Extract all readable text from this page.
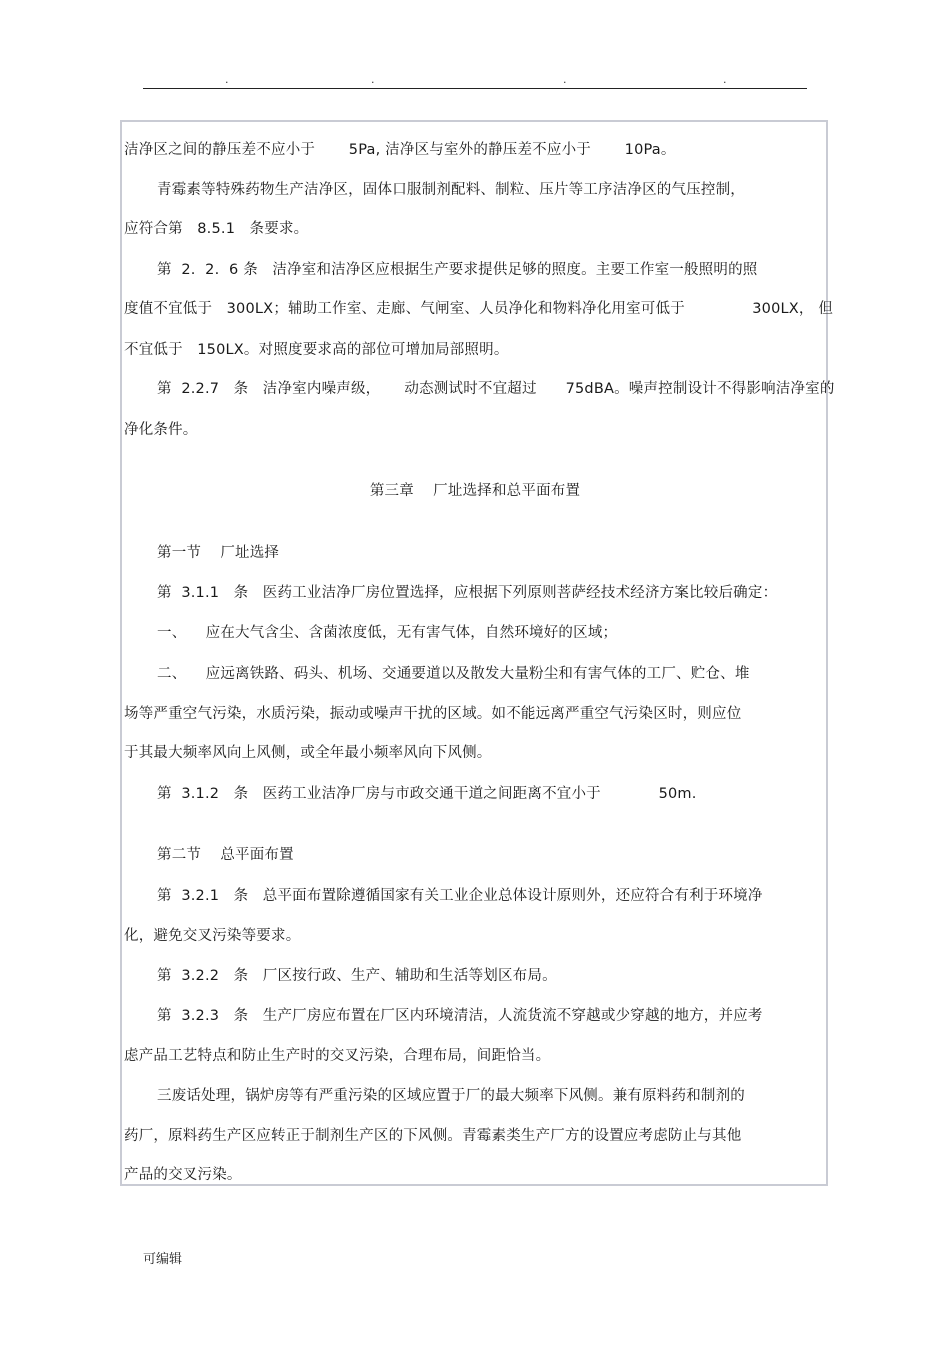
.	.	.	.
洁净区之间的静压差不应小于       5Pa, 洁净区与室外的静压差不应小于       10Pa。
青霉素等特殊药物生产洁净区，固体口服制剂配料、制粒、压片等工序洁净区的气压控制，
应符合第   8.5.1   条要求。
第  2.  2.  6 条   洁净室和洁净区应根据生产要求提供足够的照度。主要工作室一般照明的照
度值不宜低于   300LX；辅助工作室、走廊、气闸室、人员净化和物料净化用室可低于              300LX， 但
不宜低于   150LX。对照度要求高的部位可增加局部照明。
第  2.2.7   条   洁净室内噪声级，     动态测试时不宜超过      75dBA。噪声控制设计不得影响洁净室的
净化条件。
第三章    厂址选择和总平面布置
第一节    厂址选择
第  3.1.1   条   医药工业洁净厂房位置选择，应根据下列原则菩萨经技术经济方案比较后确定：
一、    应在大气含尘、含菌浓度低，无有害气体，自然环境好的区域；
二、    应远离铁路、码头、机场、交通要道以及散发大量粉尘和有害气体的工厂、贮仓、堆
场等严重空气污染，水质污染，振动或噪声干扰的区域。如不能远离严重空气污染区时，则应位
于其最大频率风向上风侧，或全年最小频率风向下风侧。
第  3.1.2   条   医药工业洁净厂房与市政交通干道之间距离不宜小于            50m.
第二节    总平面布置
第  3.2.1   条   总平面布置除遵循国家有关工业企业总体设计原则外，还应符合有利于环境净
化，避免交叉污染等要求。
第  3.2.2   条   厂区按行政、生产、辅助和生活等划区布局。
第  3.2.3   条   生产厂房应布置在厂区内环境清洁，人流货流不穿越或少穿越的地方，并应考
虑产品工艺特点和防止生产时的交叉污染，合理布局，间距恰当。
三废话处理，锅炉房等有严重污染的区域应置于厂的最大频率下风侧。兼有原料药和制剂的
药厂，原料药生产区应转正于制剂生产区的下风侧。青霉素类生产厂方的设置应考虑防止与其他
产品的交叉污染。
可编辑
